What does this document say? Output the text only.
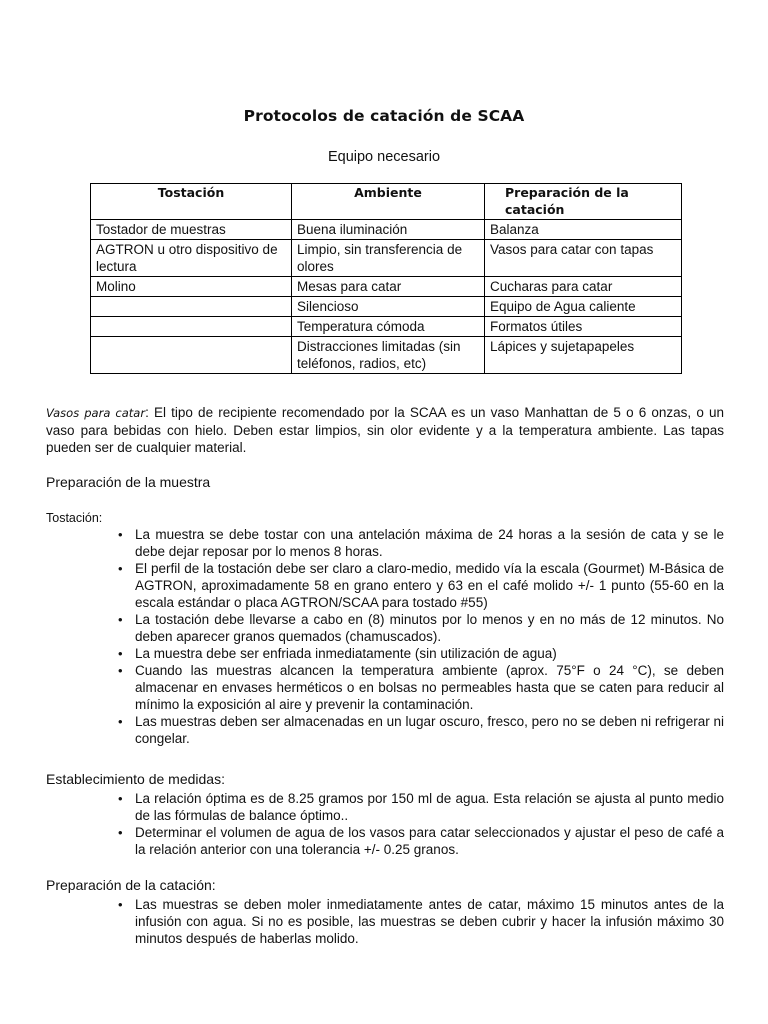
Protocolos de catación de SCAA
Equipo necesario
Tostación	Ambiente	Preparación de la catación
Tostador de muestras	Buena iluminación	Balanza
AGTRON u otro dispositivo de lectura	Limpio, sin transferencia de olores	Vasos para catar con tapas
Molino	Mesas para catar	Cucharas para catar
	Silencioso	Equipo de Agua caliente
	Temperatura cómoda	Formatos útiles
	Distracciones limitadas (sin teléfonos, radios, etc)	Lápices y sujetapapeles
Vasos para catar: El tipo de recipiente recomendado por la SCAA es un vaso Manhattan de 5 o 6 onzas, o un vaso para bebidas con hielo. Deben estar limpios, sin olor evidente y a la temperatura ambiente. Las tapas pueden ser de cualquier material.
Preparación de la muestra
Tostación:
• La muestra se debe tostar con una antelación máxima de 24 horas a la sesión de cata y se le debe dejar reposar por lo menos 8 horas.
• El perfil de la tostación debe ser claro a claro-medio, medido vía la escala (Gourmet) M-Básica de AGTRON, aproximadamente 58 en grano entero y 63 en el café molido +/- 1 punto (55-60 en la escala estándar o placa AGTRON/SCAA para tostado #55)
• La tostación debe llevarse a cabo en (8) minutos por lo menos y en no más de 12 minutos. No deben aparecer granos quemados (chamuscados).
• La muestra debe ser enfriada inmediatamente (sin utilización de agua)
• Cuando las muestras alcancen la temperatura ambiente (aprox. 75°F o 24 °C), se deben almacenar en envases herméticos o en bolsas no permeables hasta que se caten para reducir al mínimo la exposición al aire y prevenir la contaminación.
• Las muestras deben ser almacenadas en un lugar oscuro, fresco, pero no se deben ni refrigerar ni congelar.
Establecimiento de medidas:
• La relación óptima es de 8.25 gramos por 150 ml de agua. Esta relación se ajusta al punto medio de las fórmulas de balance óptimo..
• Determinar el volumen de agua de los vasos para catar seleccionados y ajustar el peso de café a la relación anterior con una tolerancia +/- 0.25 granos.
Preparación de la catación:
• Las muestras se deben moler inmediatamente antes de catar, máximo 15 minutos antes de la infusión con agua. Si no es posible, las muestras se deben cubrir y hacer la infusión máximo 30 minutos después de haberlas molido.
